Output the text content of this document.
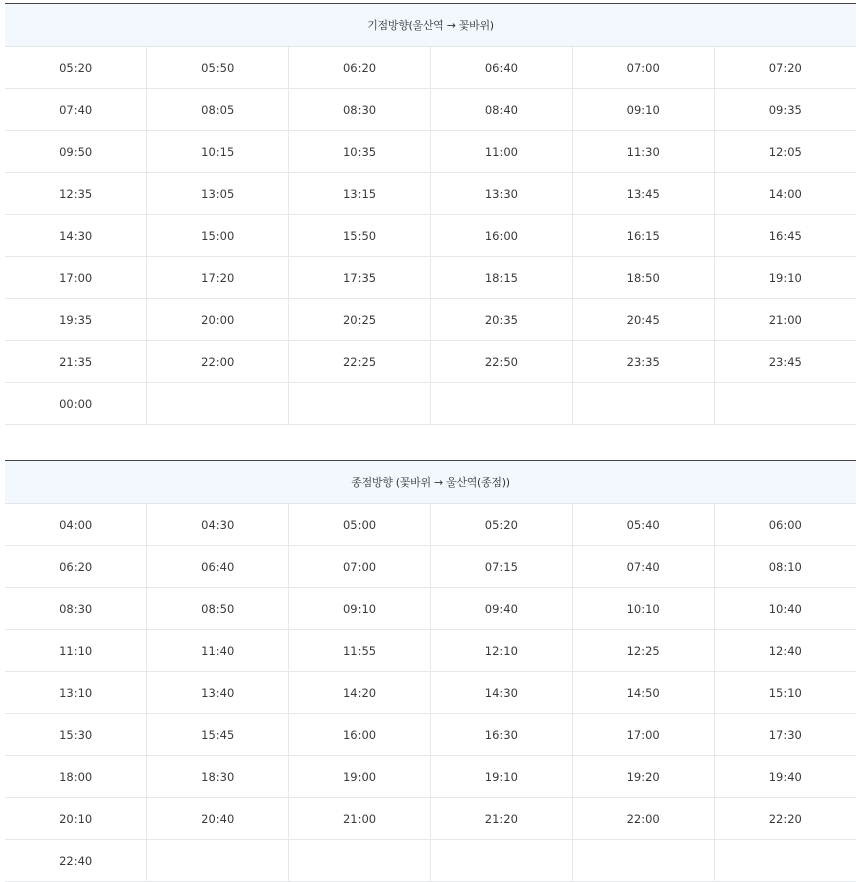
기점방향(울산역 → 꽃바위)					
05:20	05:50	06:20	06:40	07:00	07:20
07:40	08:05	08:30	08:40	09:10	09:35
09:50	10:15	10:35	11:00	11:30	12:05
12:35	13:05	13:15	13:30	13:45	14:00
14:30	15:00	15:50	16:00	16:15	16:45
17:00	17:20	17:35	18:15	18:50	19:10
19:35	20:00	20:25	20:35	20:45	21:00
21:35	22:00	22:25	22:50	23:35	23:45
00:00					
종점방향 (꽃바위 → 울산역(종점))					
04:00	04:30	05:00	05:20	05:40	06:00
06:20	06:40	07:00	07:15	07:40	08:10
08:30	08:50	09:10	09:40	10:10	10:40
11:10	11:40	11:55	12:10	12:25	12:40
13:10	13:40	14:20	14:30	14:50	15:10
15:30	15:45	16:00	16:30	17:00	17:30
18:00	18:30	19:00	19:10	19:20	19:40
20:10	20:40	21:00	21:20	22:00	22:20
22:40					
